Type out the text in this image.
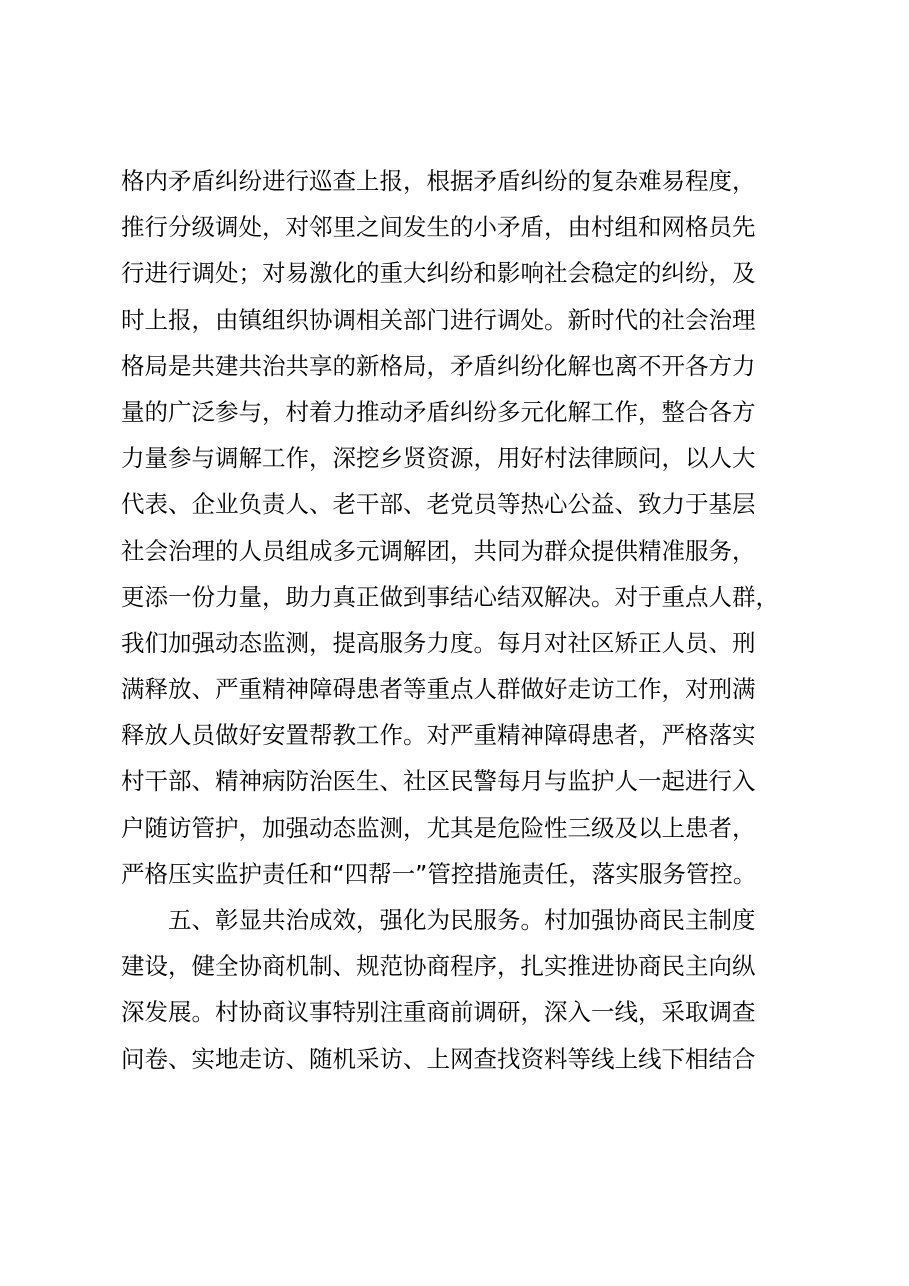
格内矛盾纠纷进行巡查上报，根据矛盾纠纷的复杂难易程度，
推行分级调处，对邻里之间发生的小矛盾，由村组和网格员先
行进行调处；对易激化的重大纠纷和影响社会稳定的纠纷，及
时上报，由镇组织协调相关部门进行调处。新时代的社会治理
格局是共建共治共享的新格局，矛盾纠纷化解也离不开各方力
量的广泛参与，村着力推动矛盾纠纷多元化解工作，整合各方
力量参与调解工作，深挖乡贤资源，用好村法律顾问，以人大
代表、企业负责人、老干部、老党员等热心公益、致力于基层
社会治理的人员组成多元调解团，共同为群众提供精准服务，
更添一份力量，助力真正做到事结心结双解决。对于重点人群，
我们加强动态监测，提高服务力度。每月对社区矫正人员、刑
满释放、严重精神障碍患者等重点人群做好走访工作，对刑满
释放人员做好安置帮教工作。对严重精神障碍患者，严格落实
村干部、精神病防治医生、社区民警每月与监护人一起进行入
户随访管护，加强动态监测，尤其是危险性三级及以上患者，
严格压实监护责任和“四帮一”管控措施责任，落实服务管控。
五、彰显共治成效，强化为民服务。村加强协商民主制度
建设，健全协商机制、规范协商程序，扎实推进协商民主向纵
深发展。村协商议事特别注重商前调研，深入一线，采取调查
问卷、实地走访、随机采访、上网查找资料等线上线下相结合
